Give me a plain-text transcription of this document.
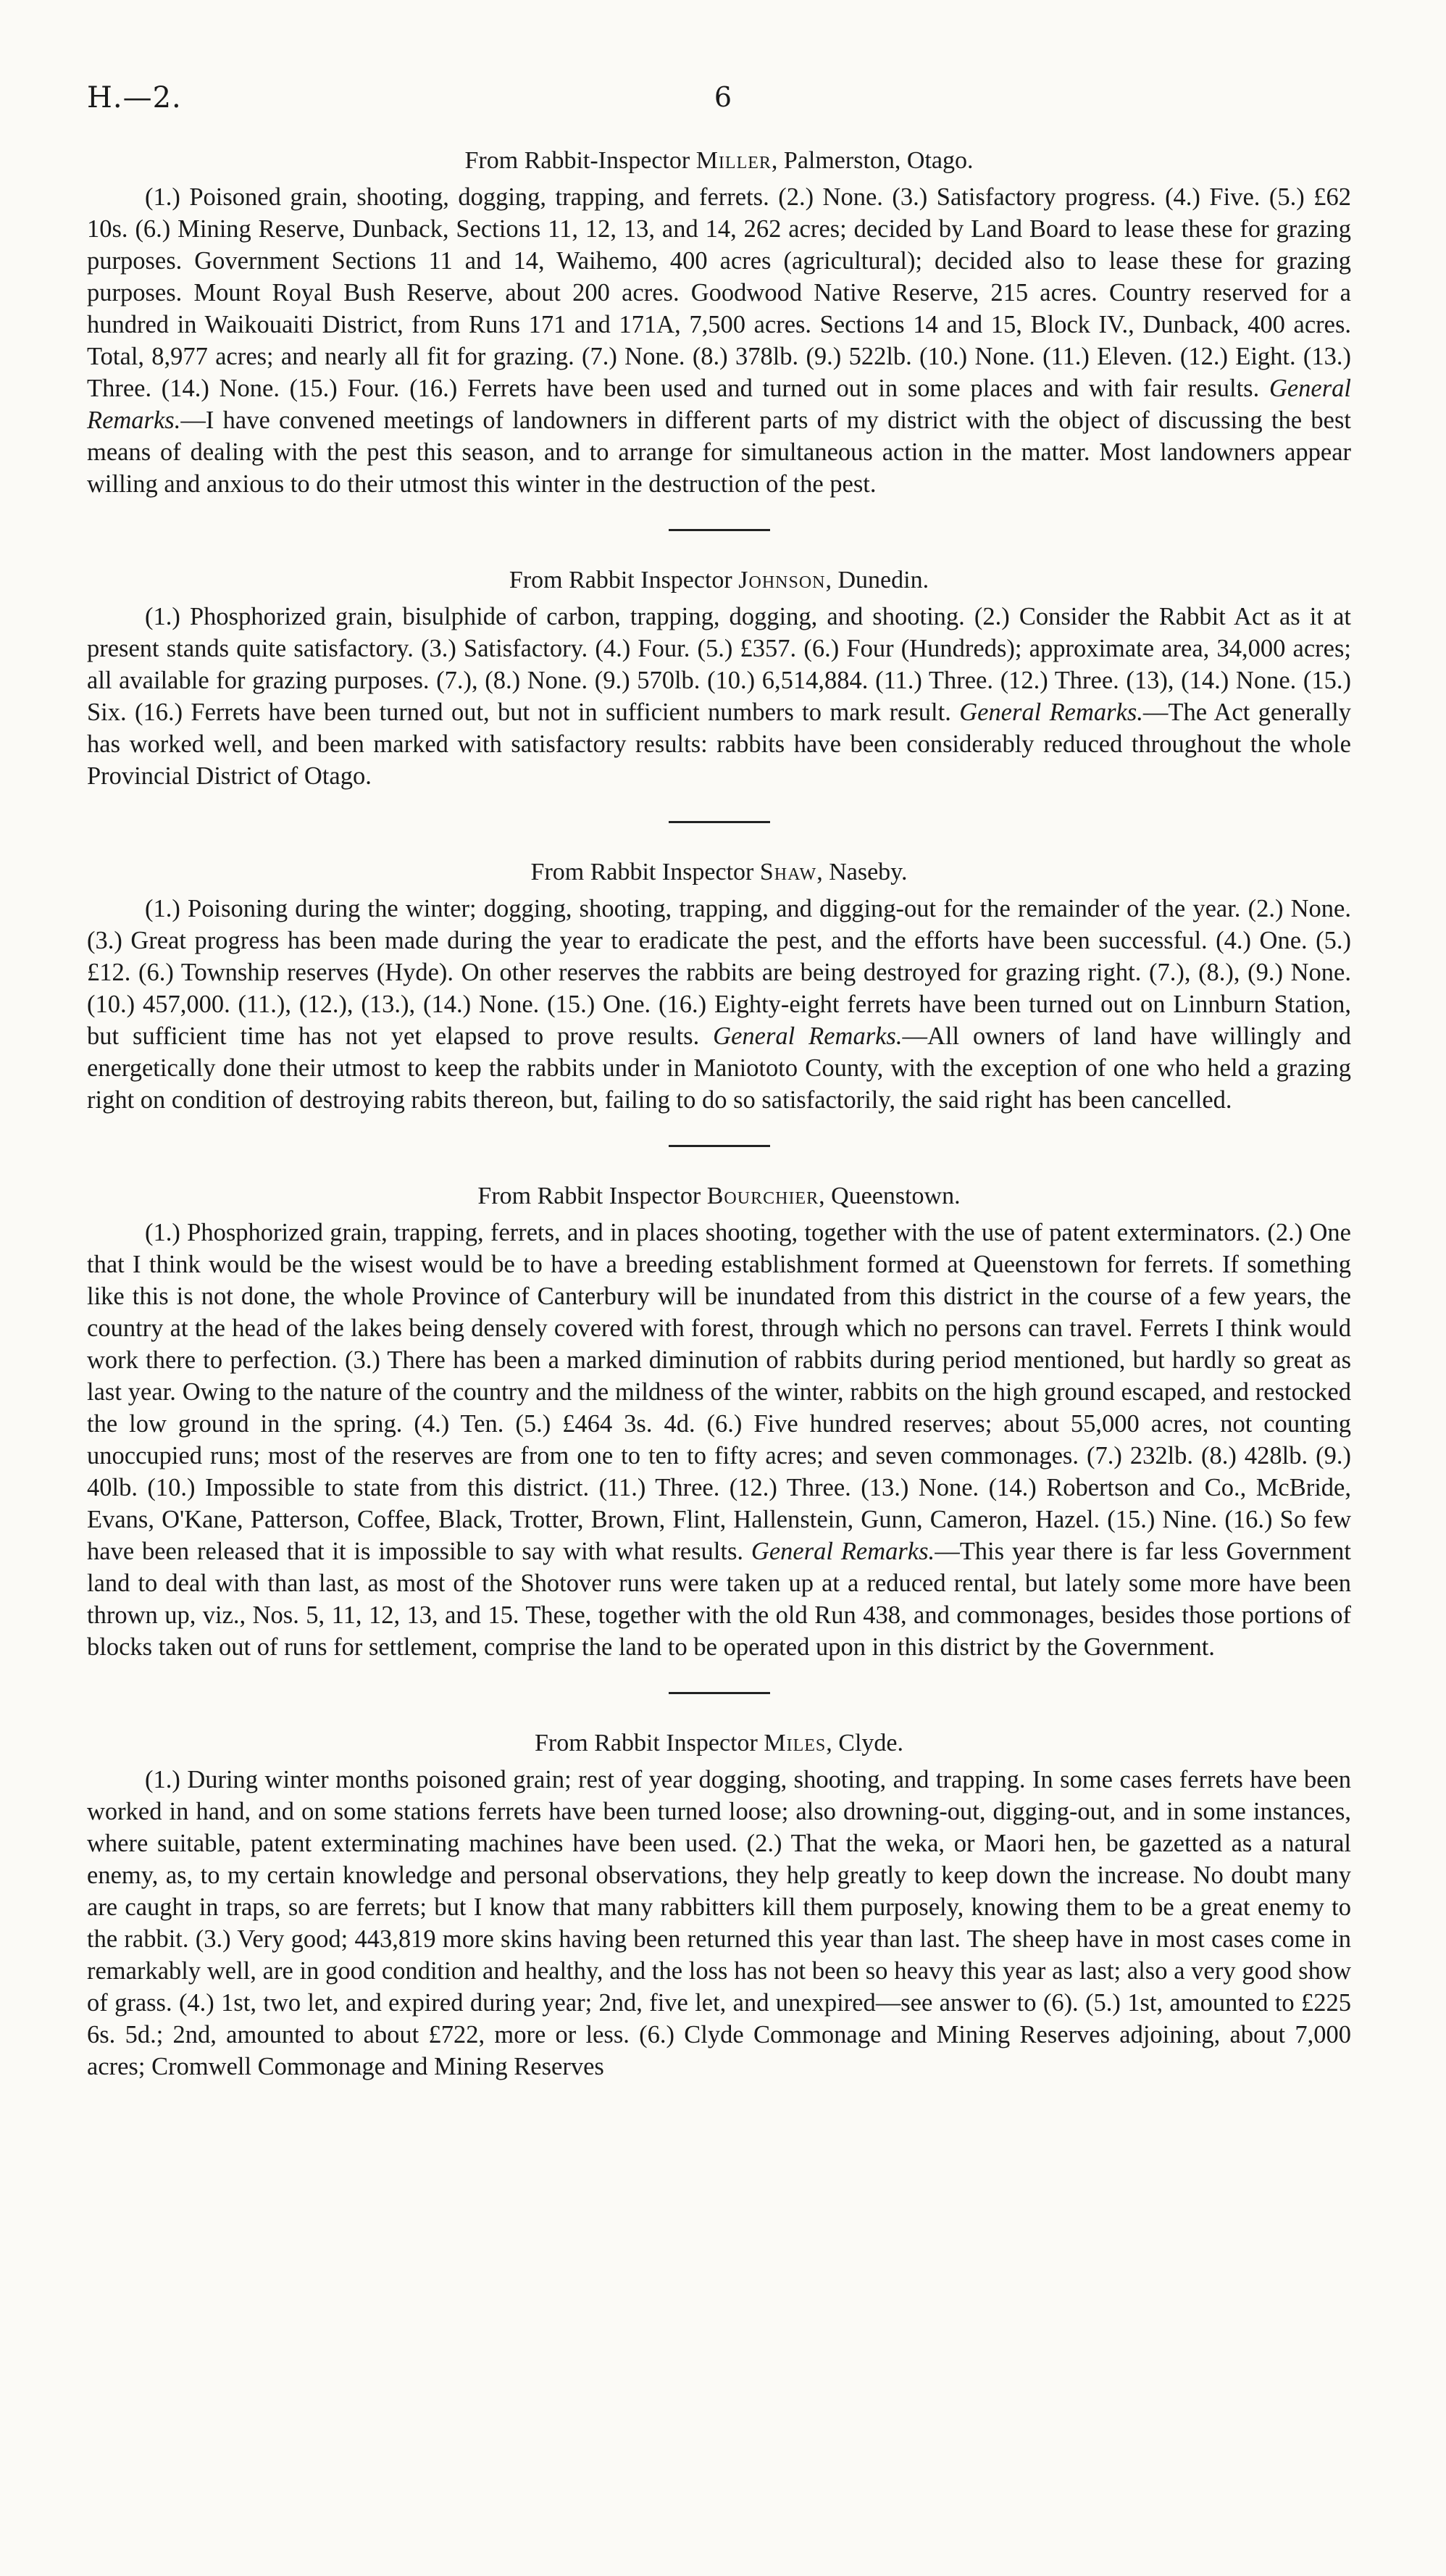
H.—2.	6
From Rabbit-Inspector Miller, Palmerston, Otago.

(1.) Poisoned grain, shooting, dogging, trapping, and ferrets. (2.) None. (3.) Satisfactory progress. (4.) Five. (5.) £62 10s. (6.) Mining Reserve, Dunback, Sections 11, 12, 13, and 14, 262 acres; decided by Land Board to lease these for grazing purposes. Government Sections 11 and 14, Waihemo, 400 acres (agricultural); decided also to lease these for grazing purposes. Mount Royal Bush Reserve, about 200 acres. Goodwood Native Reserve, 215 acres. Country reserved for a hundred in Waikouaiti District, from Runs 171 and 171A, 7,500 acres. Sections 14 and 15, Block IV., Dunback, 400 acres. Total, 8,977 acres; and nearly all fit for grazing. (7.) None. (8.) 378lb. (9.) 522lb. (10.) None. (11.) Eleven. (12.) Eight. (13.) Three. (14.) None. (15.) Four. (16.) Ferrets have been used and turned out in some places and with fair results. General Remarks.—I have convened meetings of landowners in different parts of my district with the object of discussing the best means of dealing with the pest this season, and to arrange for simultaneous action in the matter. Most landowners appear willing and anxious to do their utmost this winter in the destruction of the pest.

From Rabbit Inspector Johnson, Dunedin.

(1.) Phosphorized grain, bisulphide of carbon, trapping, dogging, and shooting. (2.) Consider the Rabbit Act as it at present stands quite satisfactory. (3.) Satisfactory. (4.) Four. (5.) £357. (6.) Four (Hundreds); approximate area, 34,000 acres; all available for grazing purposes. (7.), (8.) None. (9.) 570lb. (10.) 6,514,884. (11.) Three. (12.) Three. (13), (14.) None. (15.) Six. (16.) Ferrets have been turned out, but not in sufficient numbers to mark result. General Remarks.—The Act generally has worked well, and been marked with satisfactory results: rabbits have been considerably reduced throughout the whole Provincial District of Otago.

From Rabbit Inspector Shaw, Naseby.

(1.) Poisoning during the winter; dogging, shooting, trapping, and digging-out for the remainder of the year. (2.) None. (3.) Great progress has been made during the year to eradicate the pest, and the efforts have been successful. (4.) One. (5.) £12. (6.) Township reserves (Hyde). On other reserves the rabbits are being destroyed for grazing right. (7.), (8.), (9.) None. (10.) 457,000. (11.), (12.), (13.), (14.) None. (15.) One. (16.) Eighty-eight ferrets have been turned out on Linnburn Station, but sufficient time has not yet elapsed to prove results. General Remarks.—All owners of land have willingly and energetically done their utmost to keep the rabbits under in Maniototo County, with the exception of one who held a grazing right on condition of destroying rabits thereon, but, failing to do so satisfactorily, the said right has been cancelled.

From Rabbit Inspector Bourchier, Queenstown.

(1.) Phosphorized grain, trapping, ferrets, and in places shooting, together with the use of patent exterminators. (2.) One that I think would be the wisest would be to have a breeding establishment formed at Queenstown for ferrets. If something like this is not done, the whole Province of Canterbury will be inundated from this district in the course of a few years, the country at the head of the lakes being densely covered with forest, through which no persons can travel. Ferrets I think would work there to perfection. (3.) There has been a marked diminution of rabbits during period mentioned, but hardly so great as last year. Owing to the nature of the country and the mildness of the winter, rabbits on the high ground escaped, and restocked the low ground in the spring. (4.) Ten. (5.) £464 3s. 4d. (6.) Five hundred reserves; about 55,000 acres, not counting unoccupied runs; most of the reserves are from one to ten to fifty acres; and seven commonages. (7.) 232lb. (8.) 428lb. (9.) 40lb. (10.) Impossible to state from this district. (11.) Three. (12.) Three. (13.) None. (14.) Robertson and Co., McBride, Evans, O'Kane, Patterson, Coffee, Black, Trotter, Brown, Flint, Hallenstein, Gunn, Cameron, Hazel. (15.) Nine. (16.) So few have been released that it is impossible to say with what results. General Remarks.—This year there is far less Government land to deal with than last, as most of the Shotover runs were taken up at a reduced rental, but lately some more have been thrown up, viz., Nos. 5, 11, 12, 13, and 15. These, together with the old Run 438, and commonages, besides those portions of blocks taken out of runs for settlement, comprise the land to be operated upon in this district by the Government.

From Rabbit Inspector Miles, Clyde.

(1.) During winter months poisoned grain; rest of year dogging, shooting, and trapping. In some cases ferrets have been worked in hand, and on some stations ferrets have been turned loose; also drowning-out, digging-out, and in some instances, where suitable, patent exterminating machines have been used. (2.) That the weka, or Maori hen, be gazetted as a natural enemy, as, to my certain knowledge and personal observations, they help greatly to keep down the increase. No doubt many are caught in traps, so are ferrets; but I know that many rabbitters kill them purposely, knowing them to be a great enemy to the rabbit. (3.) Very good; 443,819 more skins having been returned this year than last. The sheep have in most cases come in remarkably well, are in good condition and healthy, and the loss has not been so heavy this year as last; also a very good show of grass. (4.) 1st, two let, and expired during year; 2nd, five let, and unexpired—see answer to (6). (5.) 1st, amounted to £225 6s. 5d.; 2nd, amounted to about £722, more or less. (6.) Clyde Commonage and Mining Reserves adjoining, about 7,000 acres; Cromwell Commonage and Mining Reserves
